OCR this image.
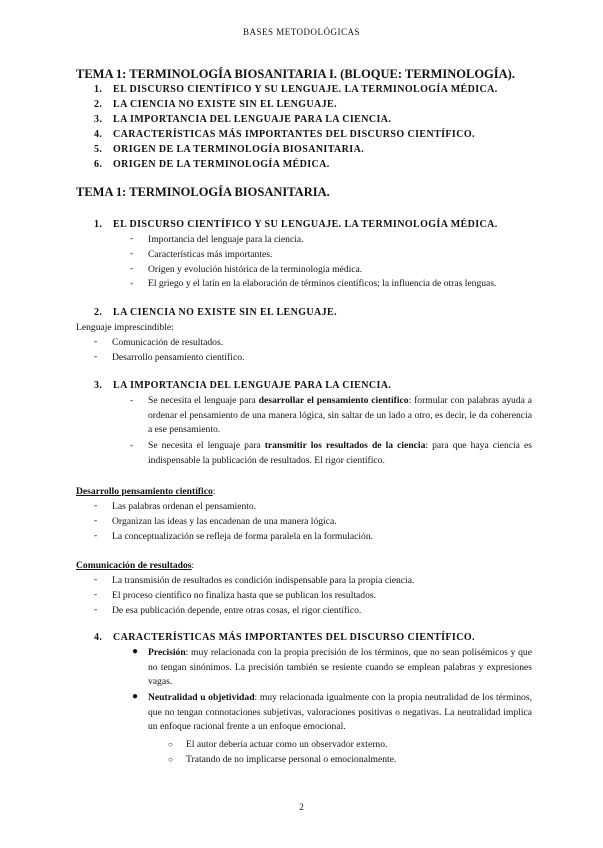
BASES METODOLÓGICAS
TEMA 1: TERMINOLOGÍA BIOSANITARIA I. (BLOQUE: TERMINOLOGÍA).
1. EL DISCURSO CIENTÍFICO Y SU LENGUAJE. LA TERMINOLOGÍA MÉDICA.
2. LA CIENCIA NO EXISTE SIN EL LENGUAJE.
3. LA IMPORTANCIA DEL LENGUAJE PARA LA CIENCIA.
4. CARACTERÍSTICAS MÁS IMPORTANTES DEL DISCURSO CIENTÍFICO.
5. ORIGEN DE LA TERMINOLOGÍA BIOSANITARIA.
6. ORIGEN DE LA TERMINOLOGÍA MÉDICA.
TEMA 1: TERMINOLOGÍA BIOSANITARIA.
1. EL DISCURSO CIENTÍFICO Y SU LENGUAJE. LA TERMINOLOGÍA MÉDICA.
- Importancia del lenguaje para la ciencia.
- Características más importantes.
- Origen y evolución histórica de la terminología médica.
- El griego y el latín en la elaboración de términos científicos; la influencia de otras lenguas.
2. LA CIENCIA NO EXISTE SIN EL LENGUAJE.
Lenguaje imprescindible:
- Comunicación de resultados.
- Desarrollo pensamiento científico.
3. LA IMPORTANCIA DEL LENGUAJE PARA LA CIENCIA.
- Se necesita el lenguaje para desarrollar el pensamiento científico: formular con palabras ayuda a ordenar el pensamiento de una manera lógica, sin saltar de un lado a otro, es decir, le da coherencia a ese pensamiento.
- Se necesita el lenguaje para transmitir los resultados de la ciencia: para que haya ciencia es indispensable la publicación de resultados. El rigor científico.
Desarrollo pensamiento científico:
- Las palabras ordenan el pensamiento.
- Organizan las ideas y las encadenan de una manera lógica.
- La conceptualización se refleja de forma paralela en la formulación.
Comunicación de resultados:
- La transmisión de resultados es condición indispensable para la propia ciencia.
- El proceso científico no finaliza hasta que se publican los resultados.
- De esa publicación depende, entre otras cosas, el rigor científico.
4. CARACTERÍSTICAS MÁS IMPORTANTES DEL DISCURSO CIENTÍFICO.
● Precisión: muy relacionada con la propia precisión de los términos, que no sean polisémicos y que no tengan sinónimos. La precisión también se resiente cuando se emplean palabras y expresiones vagas.
● Neutralidad u objetividad: muy relacionada igualmente con la propia neutralidad de los términos, que no tengan connotaciones subjetivas, valoraciones positivas o negativas. La neutralidad implica un enfoque racional frente a un enfoque emocional.
○ El autor debería actuar como un observador externo.
○ Tratando de no implicarse personal o emocionalmente.
2
